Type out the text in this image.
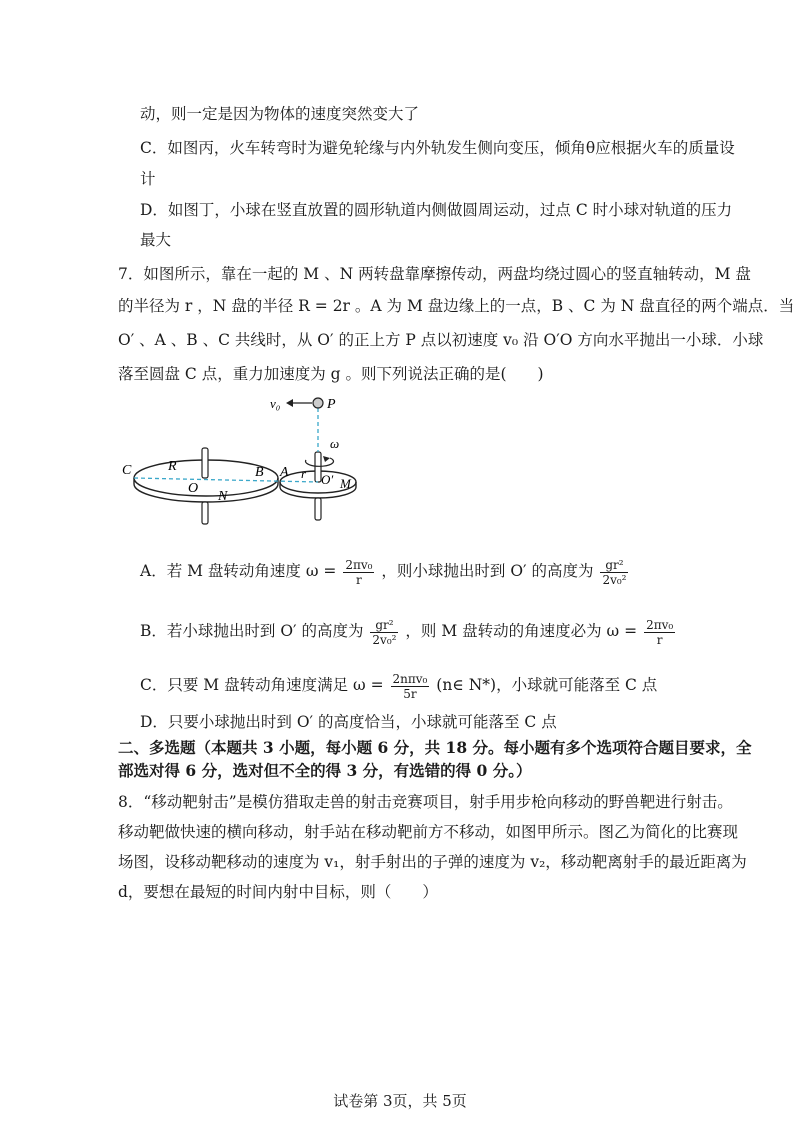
动，则一定是因为物体的速度突然变大了
C．如图丙，火车转弯时为避免轮缘与内外轨发生侧向变压，倾角θ应根据火车的质量设
计
D．如图丁，小球在竖直放置的圆形轨道内侧做圆周运动，过点 C 时小球对轨道的压力
最大
7．如图所示，靠在一起的 M 、N 两转盘靠摩擦传动，两盘均绕过圆心的竖直轴转动，M 盘
的半径为 r ，N 盘的半径 R = 2r 。A 为 M 盘边缘上的一点，B 、C 为 N 盘直径的两个端点．当
O′ 、A 、B 、C 共线时，从 O′ 的正上方 P 点以初速度 v₀ 沿 O′O 方向水平抛出一小球．小球
落至圆盘 C 点，重力加速度为 g 。则下列说法正确的是(　　)
v₀	P
ω
C	R
O
N
B A r O′ M
A．若 M 盘转动角速度 $\omega = \frac{\text{2πv₀}}{r}$ ，则小球抛出时到 O′ 的高度为 $\frac{\text{gr²}}{\text{2v₀²}}$
B．若小球抛出时到 O′ 的高度为 $\frac{\text{gr²}}{\text{2v₀²}}$ ，则 M 盘转动的角速度必为 $\omega = \frac{\text{2πv₀}}{r}$
C．只要 M 盘转动角速度满足 $\omega = \frac{\text{2nπv₀}}{5r}$ (n∈ N*)，小球就可能落至 C 点
D．只要小球抛出时到 O′ 的高度恰当，小球就可能落至 C 点
二、多选题（本题共 3 小题，每小题 6 分，共 18 分。每小题有多个选项符合题目要求，全
部选对得 6 分，选对但不全的得 3 分，有选错的得 0 分。）
8．“移动靶射击”是模仿猎取走兽的射击竞赛项目，射手用步枪向移动的野兽靶进行射击。
移动靶做快速的横向移动，射手站在移动靶前方不移动，如图甲所示。图乙为简化的比赛现
场图，设移动靶移动的速度为 v₁，射手射出的子弹的速度为 v₂，移动靶离射手的最近距离为
d，要想在最短的时间内射中目标，则（　　）
试卷第 3页，共 5页
